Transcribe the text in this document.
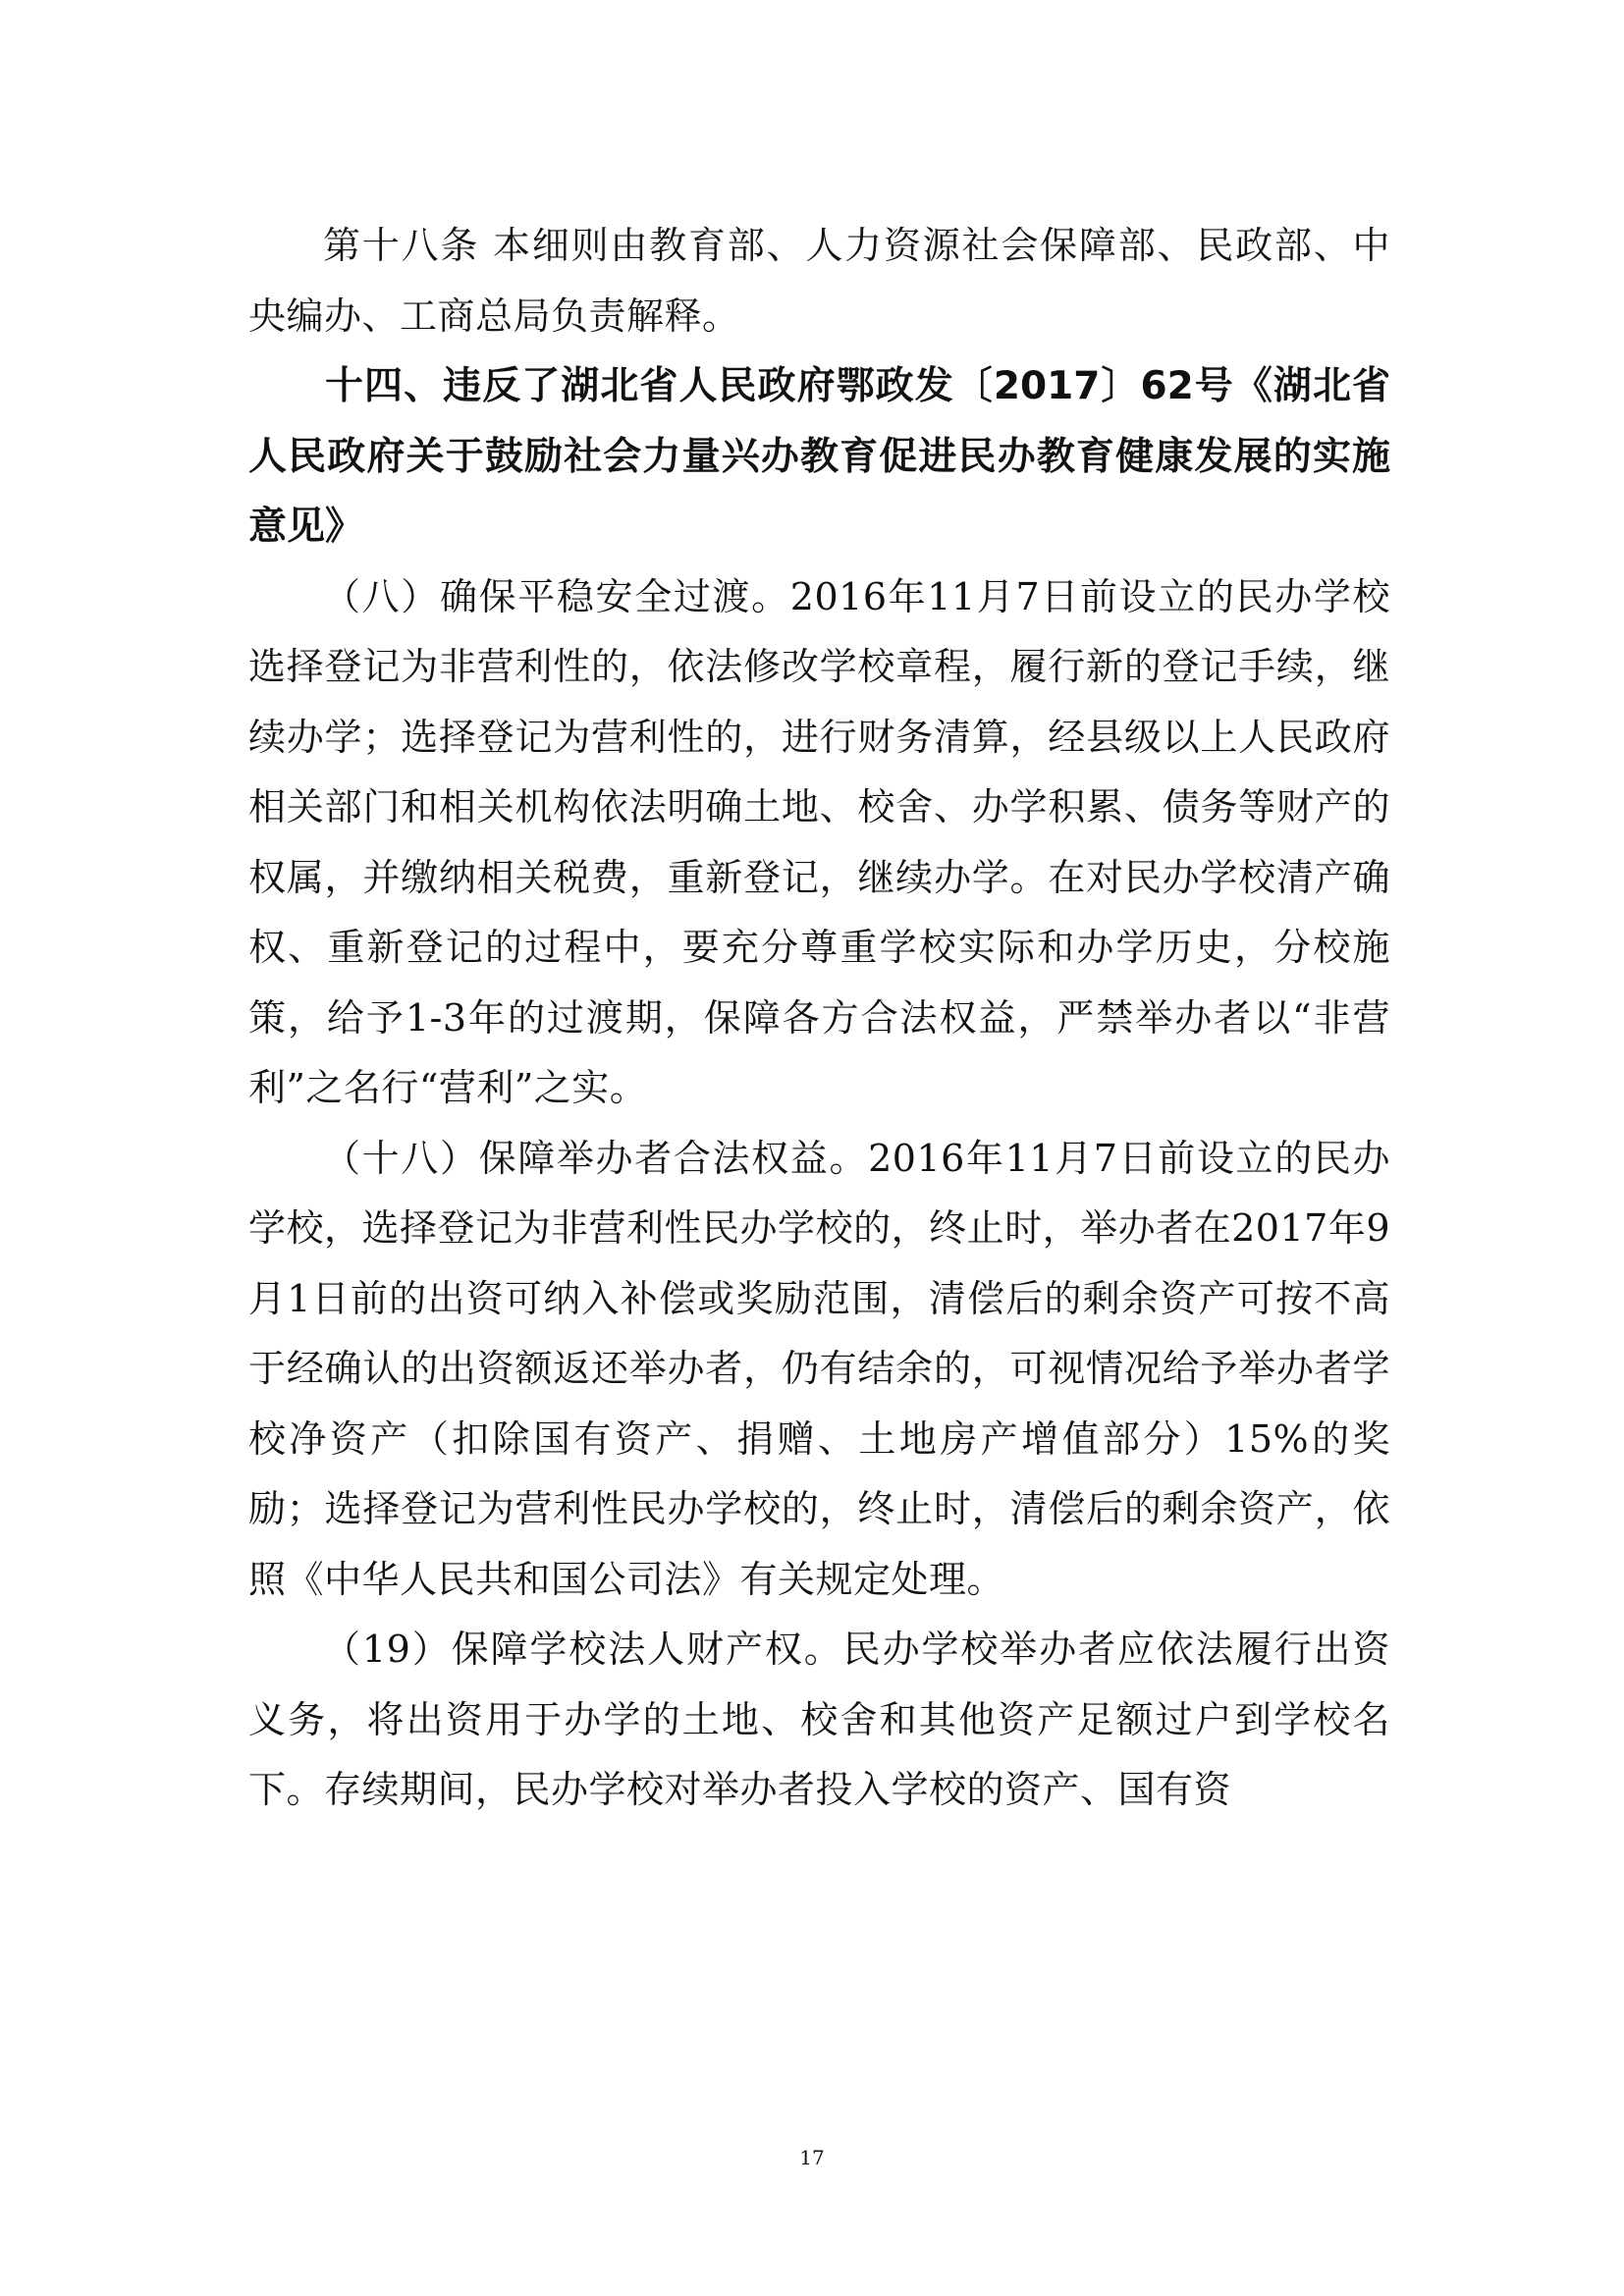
第十八条 本细则由教育部、人力资源社会保障部、民政部、中央编办、工商总局负责解释。

十四、违反了湖北省人民政府鄂政发〔2017〕62号《湖北省人民政府关于鼓励社会力量兴办教育促进民办教育健康发展的实施意见》

（八）确保平稳安全过渡。2016年11月7日前设立的民办学校选择登记为非营利性的，依法修改学校章程，履行新的登记手续，继续办学；选择登记为营利性的，进行财务清算，经县级以上人民政府相关部门和相关机构依法明确土地、校舍、办学积累、债务等财产的权属，并缴纳相关税费，重新登记，继续办学。在对民办学校清产确权、重新登记的过程中，要充分尊重学校实际和办学历史，分校施策，给予1-3年的过渡期，保障各方合法权益，严禁举办者以“非营利”之名行“营利”之实。

（十八）保障举办者合法权益。2016年11月7日前设立的民办学校，选择登记为非营利性民办学校的，终止时，举办者在2017年9月1日前的出资可纳入补偿或奖励范围，清偿后的剩余资产可按不高于经确认的出资额返还举办者，仍有结余的，可视情况给予举办者学校净资产（扣除国有资产、捐赠、土地房产增值部分）15%的奖励；选择登记为营利性民办学校的，终止时，清偿后的剩余资产，依照《中华人民共和国公司法》有关规定处理。

（19）保障学校法人财产权。民办学校举办者应依法履行出资义务，将出资用于办学的土地、校舍和其他资产足额过户到学校名下。存续期间，民办学校对举办者投入学校的资产、国有资

17
